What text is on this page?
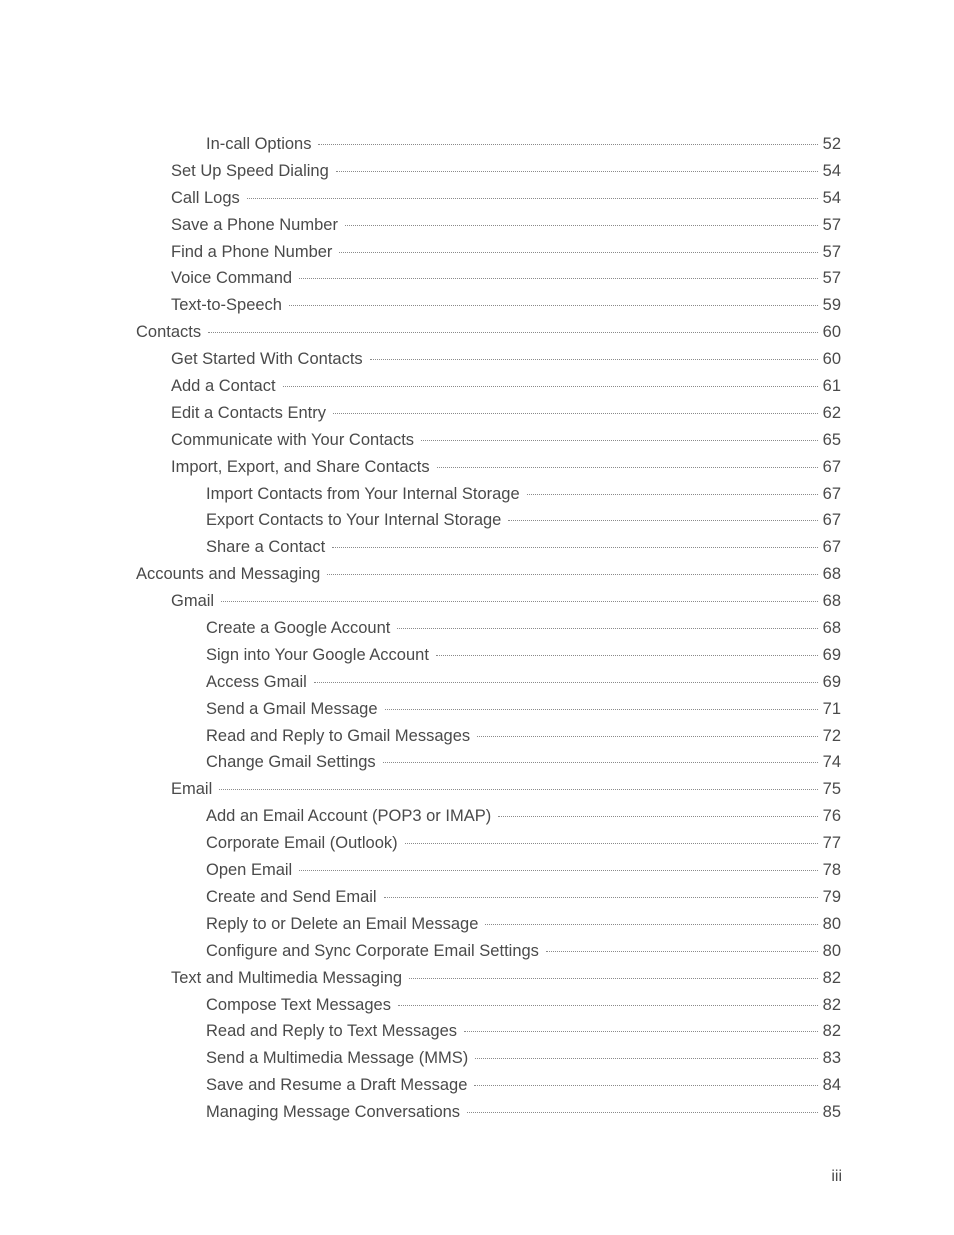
In-call Options	52
Set Up Speed Dialing	54
Call Logs	54
Save a Phone Number	57
Find a Phone Number	57
Voice Command	57
Text-to-Speech	59
Contacts	60
Get Started With Contacts	60
Add a Contact	61
Edit a Contacts Entry	62
Communicate with Your Contacts	65
Import, Export, and Share Contacts	67
Import Contacts from Your Internal Storage	67
Export Contacts to Your Internal Storage	67
Share a Contact	67
Accounts and Messaging	68
Gmail	68
Create a Google Account	68
Sign into Your Google Account	69
Access Gmail	69
Send a Gmail Message	71
Read and Reply to Gmail Messages	72
Change Gmail Settings	74
Email	75
Add an Email Account (POP3 or IMAP)	76
Corporate Email (Outlook)	77
Open Email	78
Create and Send Email	79
Reply to or Delete an Email Message	80
Configure and Sync Corporate Email Settings	80
Text and Multimedia Messaging	82
Compose Text Messages	82
Read and Reply to Text Messages	82
Send a Multimedia Message (MMS)	83
Save and Resume a Draft Message	84
Managing Message Conversations	85
iii
